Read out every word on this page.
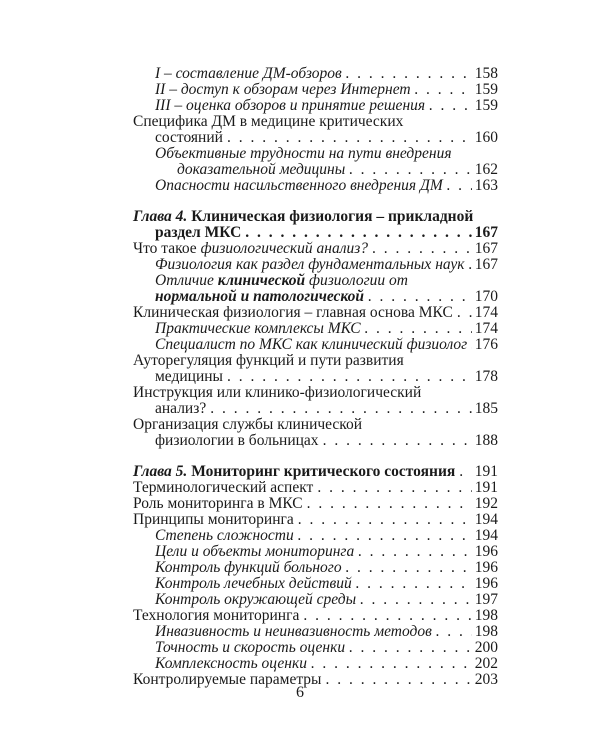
I – составление ДМ-обзоров . . .	158
II – доступ к обзорам через Интернет . . .	159
III – оценка обзоров и принятие решения . . .	159
Специфика ДМ в медицине критических
состояний . . .	160
Объективные трудности на пути внедрения
доказательной медицины . . .	162
Опасности насильственного внедрения ДМ . . . 163
Глава 4. Клиническая физиология – прикладной
раздел МКС . . .	167
Что такое физиологический анализ? . . .	167
Физиология как раздел фундаментальных наук . . . 167
Отличие клинической физиологии от
нормальной и патологической . . .	170
Клиническая физиология – главная основа МКС . . . 174
Практические комплексы МКС . . .	174
Специалист по МКС как клинический физиолог . . . 176
Ауторегуляция функций и пути развития
медицины . . .	178
Инструкция или клинико-физиологический
анализ? . . .	185
Организация службы клинической
физиологии в больницах . . .	188
Глава 5. Мониторинг критического состояния . . . 191
Терминологический аспект . . .	191
Роль мониторинга в МКС . . .	192
Принципы мониторинга . . .	194
Степень сложности . . .	194
Цели и объекты мониторинга . . .	196
Контроль функций больного . . .	196
Контроль лечебных действий . . .	196
Контроль окружающей среды . . .	197
Технология мониторинга . . .	198
Инвазивность и неинвазивность методов . . .	198
Точность и скорость оценки . . .	200
Комплексность оценки . . .	202
Контролируемые параметры . . .	203
6
